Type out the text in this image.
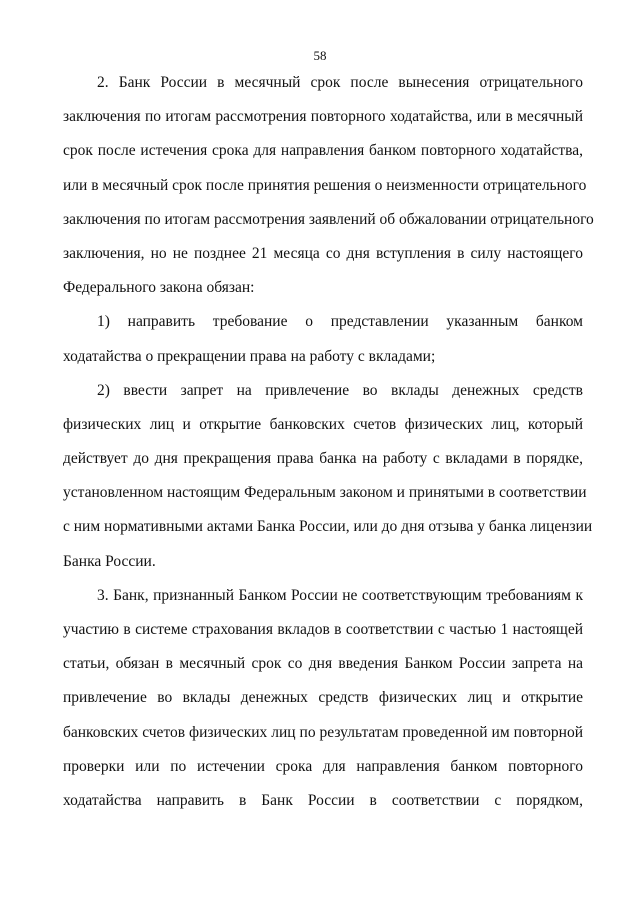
58
2. Банк России в месячный срок после вынесения отрицательного
заключения по итогам рассмотрения повторного ходатайства, или в месячный
срок после истечения срока для направления банком повторного ходатайства,
или в месячный срок после принятия решения о неизменности отрицательного
заключения по итогам рассмотрения заявлений об обжаловании отрицательного
заключения, но не позднее 21 месяца со дня вступления в силу настоящего
Федерального закона обязан:
1) направить требование о представлении указанным банком
ходатайства о прекращении права на работу с вкладами;
2) ввести запрет на привлечение во вклады денежных средств
физических лиц и открытие банковских счетов физических лиц, который
действует до дня прекращения права банка на работу с вкладами в порядке,
установленном настоящим Федеральным законом и принятыми в соответствии
с ним нормативными актами Банка России, или до дня отзыва у банка лицензии
Банка России.
3. Банк, признанный Банком России не соответствующим требованиям к
участию в системе страхования вкладов в соответствии с частью 1 настоящей
статьи, обязан в месячный срок со дня введения Банком России запрета на
привлечение во вклады денежных средств физических лиц и открытие
банковских счетов физических лиц по результатам проведенной им повторной
проверки или по истечении срока для направления банком повторного
ходатайства направить в Банк России в соответствии с порядком,
